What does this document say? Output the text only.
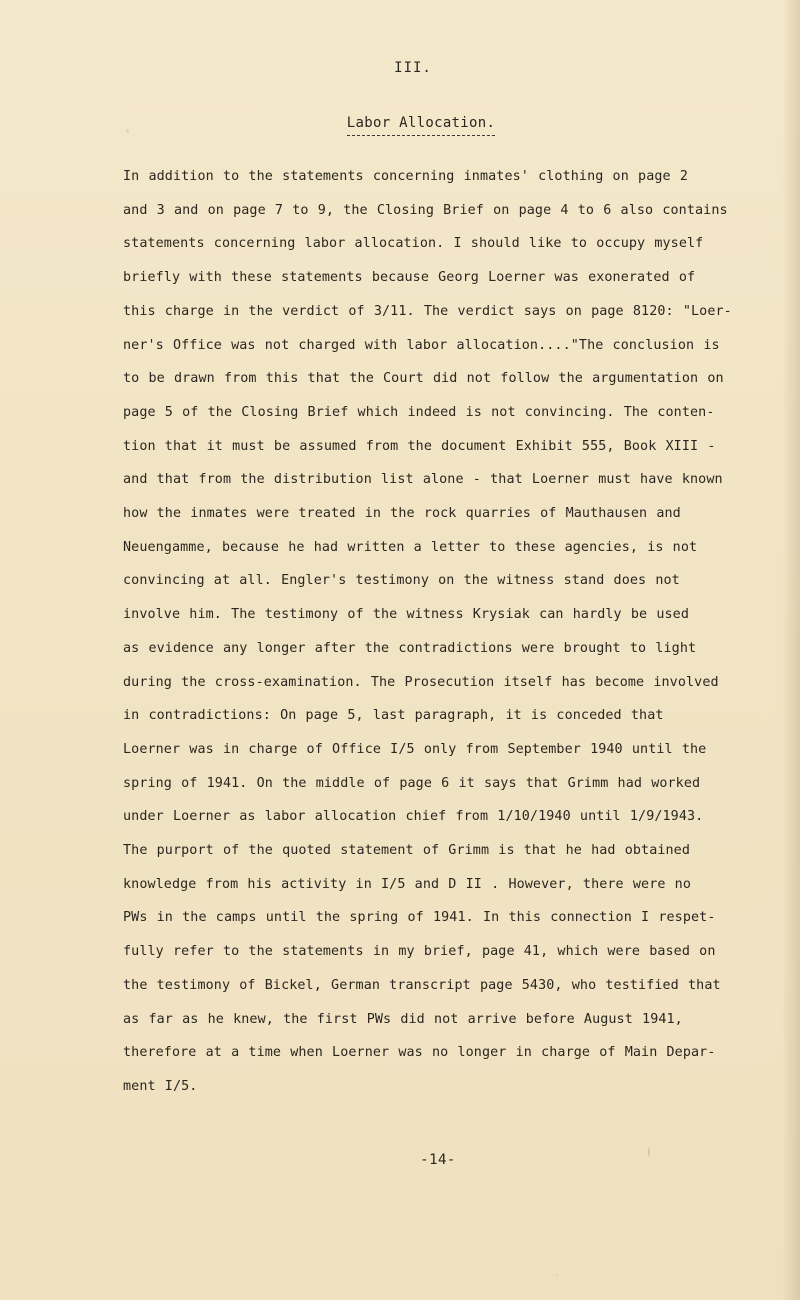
III.
Labor Allocation.
In addition to the statements concerning inmates' clothing on page 2
and 3 and on page 7 to 9, the Closing Brief on page 4 to 6 also contains
statements concerning labor allocation. I should like to occupy myself
briefly with these statements because Georg Loerner was exonerated of
this charge in the verdict of 3/11. The verdict says on page 8120: "Loer-
ner's Office was not charged with labor allocation...."The conclusion is
to be drawn from this that the Court did not follow the argumentation on
page 5 of the Closing Brief which indeed is not convincing. The conten-
tion that it must be assumed from the document Exhibit 555, Book XIII -
and that from the distribution list alone - that Loerner must have known
how the inmates were treated in the rock quarries of Mauthausen and
Neuengamme, because he had written a letter to these agencies, is not
convincing at all. Engler's testimony on the witness stand does not
involve him. The testimony of the witness Krysiak can hardly be used
as evidence any longer after the contradictions were brought to light
during the cross-examination. The Prosecution itself has become involved
in contradictions: On page 5, last paragraph, it is conceded that
Loerner was in charge of Office I/5 only from September 1940 until the
spring of 1941. On the middle of page 6 it says that Grimm had worked
under Loerner as labor allocation chief from 1/10/1940 until 1/9/1943.
The purport of the quoted statement of Grimm is that he had obtained
knowledge from his activity in I/5 and D II . However, there were no
PWs in the camps until the spring of 1941. In this connection I respet-
fully refer to the statements in my brief, page 41, which were based on
the testimony of Bickel, German transcript page 5430, who testified that
as far as he knew, the first PWs did not arrive before August 1941,
therefore at a time when Loerner was no longer in charge of Main Depar-
ment I/5.
-14-
